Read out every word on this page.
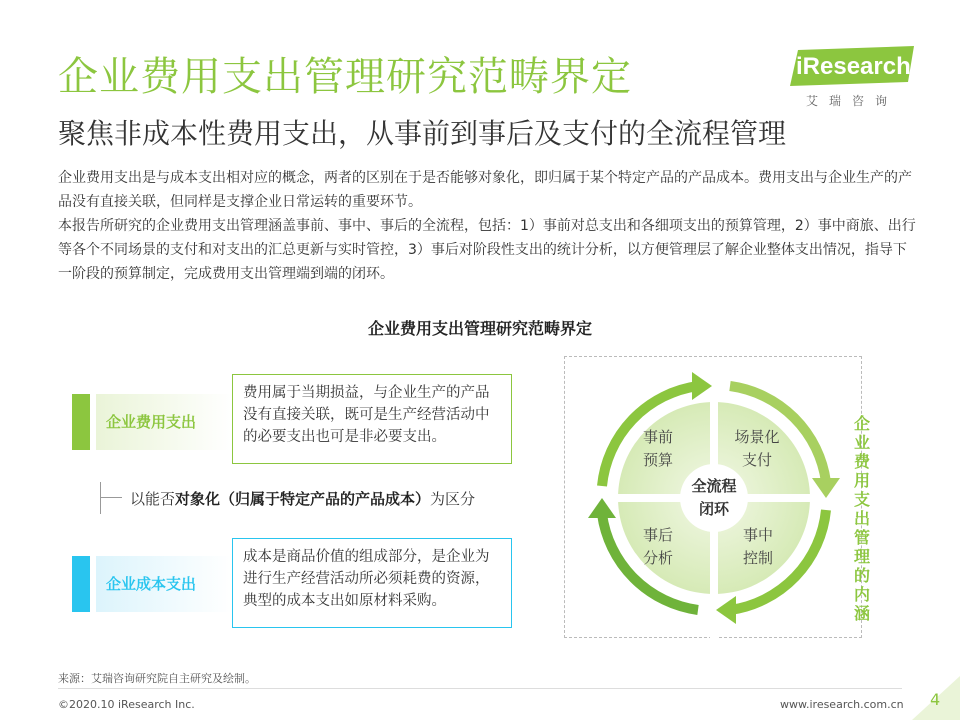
企业费用支出管理研究范畴界定
聚焦非成本性费用支出，从事前到事后及支付的全流程管理
iResearch
艾瑞咨询

企业费用支出是与成本支出相对应的概念，两者的区别在于是否能够对象化，即归属于某个特定产品的产品成本。费用支出与企业生产的产品没有直接关联，但同样是支撑企业日常运转的重要环节。

本报告所研究的企业费用支出管理涵盖事前、事中、事后的全流程，包括：1）事前对总支出和各细项支出的预算管理，2）事中商旅、出行等各个不同场景的支付和对支出的汇总更新与实时管控，3）事后对阶段性支出的统计分析，以方便管理层了解企业整体支出情况，指导下一阶段的预算制定，完成费用支出管理端到端的闭环。

企业费用支出管理研究范畴界定
企业费用支出
费用属于当期损益，与企业生产的产品没有直接关联，既可是生产经营活动中的必要支出也可是非必要支出。
以能否对象化（归属于特定产品的产品成本）为区分
企业成本支出
成本是商品价值的组成部分，是企业为进行生产经营活动所必须耗费的资源，典型的成本支出如原材料采购。
事前
预算
场景化
支付
事后
分析
事中
控制
全流程
闭环
企业费用支出管理的内涵
来源：艾瑞咨询研究院自主研究及绘制。
©2020.10 iResearch Inc.	www.iresearch.com.cn 4
